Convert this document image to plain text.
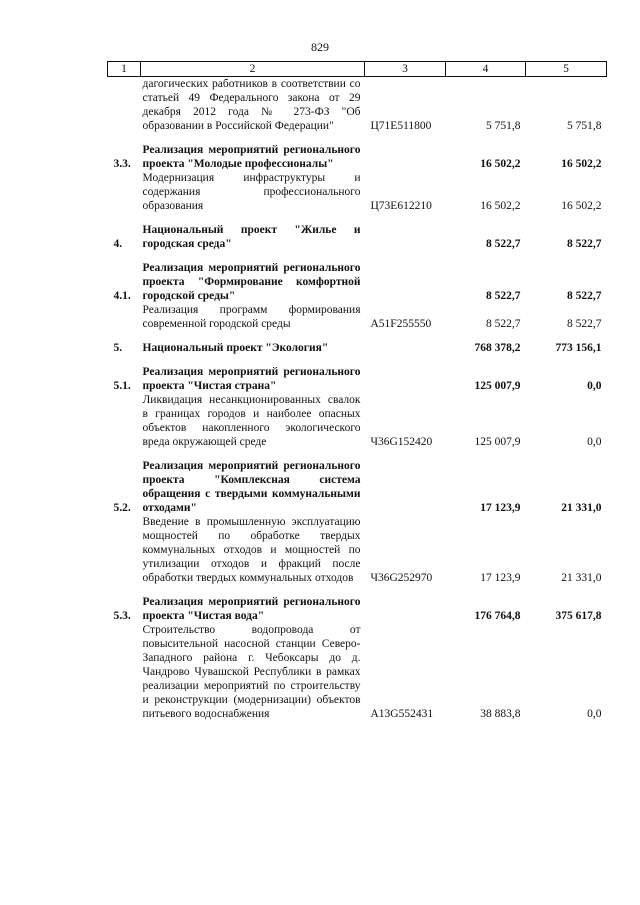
829
1	2	3	4	5
	дагогических работников в соответствии со статьей 49 Федерального закона от 29 декабря 2012 года № 273-ФЗ "Об образовании в Российской Федерации"	Ц71Е511800	5 751,8	5 751,8

3.3.	Реализация мероприятий регионального проекта "Молодые профессионалы"		16 502,2	16 502,2
	Модернизация инфраструктуры и содержания профессионального образования	Ц73Е612210	16 502,2	16 502,2

4.	Национальный проект "Жилье и городская среда"		8 522,7	8 522,7

4.1.	Реализация мероприятий регионального проекта "Формирование комфортной городской среды"		8 522,7	8 522,7
	Реализация программ формирования современной городской среды	А51F255550	8 522,7	8 522,7

5.	Национальный проект "Экология"		768 378,2	773 156,1

5.1.	Реализация мероприятий регионального проекта "Чистая страна"		125 007,9	0,0
	Ликвидация несанкционированных свалок в границах городов и наиболее опасных объектов накопленного экологического вреда окружающей среде	Ч36G152420	125 007,9	0,0

5.2.	Реализация мероприятий регионального проекта "Комплексная система обращения с твердыми коммунальными отходами"		17 123,9	21 331,0
	Введение в промышленную эксплуатацию мощностей по обработке твердых коммунальных отходов и мощностей по утилизации отходов и фракций после обработки твердых коммунальных отходов	Ч36G252970	17 123,9	21 331,0

5.3.	Реализация мероприятий регионального проекта "Чистая вода"		176 764,8	375 617,8
	Строительство водопровода от повысительной насосной станции Северо-Западного района г. Чебоксары до д. Чандрово Чувашской Республики в рамках реализации мероприятий по строительству и реконструкции (модернизации) объектов питьевого водоснабжения	А13G552431	38 883,8	0,0
